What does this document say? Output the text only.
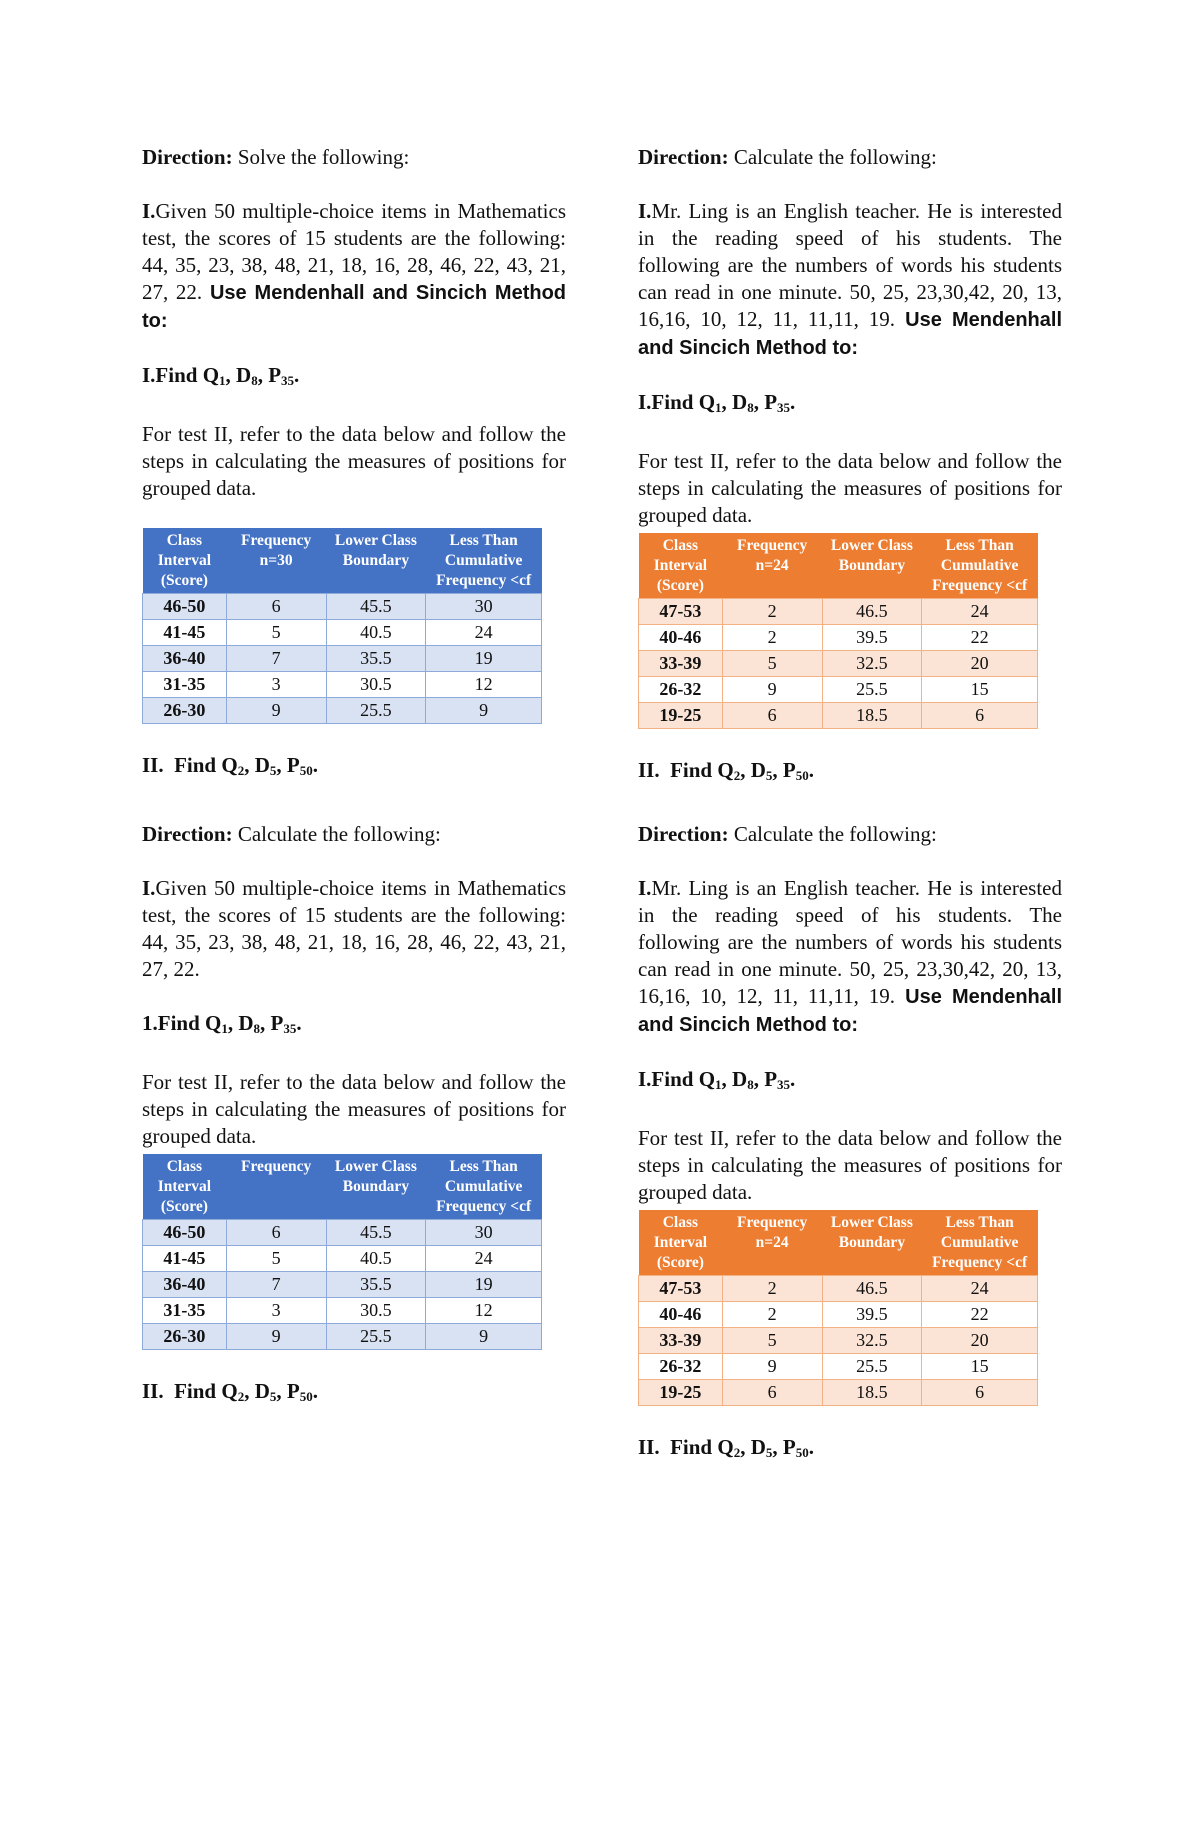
Direction: Solve the following:

I.Given 50 multiple-choice items in Mathematics test, the scores of 15 students are the following: 44, 35, 23, 38, 48, 21, 18, 16, 28, 46, 22, 43, 21, 27, 22. Use Mendenhall and Sincich Method to:

I.Find $Q_1$, $D_8$, $P_{35}$.

For test II, refer to the data below and follow the steps in calculating the measures of positions for grouped data.

Class Interval (Score)	Frequency n=30	Lower Class Boundary	Less Than Cumulative Frequency <cf
46-50	6	45.5	30
41-45	5	40.5	24
36-40	7	35.5	19
31-35	3	30.5	12
26-30	9	25.5	9

II.  Find $Q_2$, $D_5$, $P_{50}$.

Direction: Calculate the following:

I.Mr. Ling is an English teacher. He is interested in the reading speed of his students. The following are the numbers of words his students can read in one minute. 50, 25, 23,30,42, 20, 13, 16,16, 10, 12, 11, 11,11, 19. Use Mendenhall and Sincich Method to:

I.Find $Q_1$, $D_8$, $P_{35}$.

For test II, refer to the data below and follow the steps in calculating the measures of positions for grouped data.

Class Interval (Score)	Frequency n=24	Lower Class Boundary	Less Than Cumulative Frequency <cf
47-53	2	46.5	24
40-46	2	39.5	22
33-39	5	32.5	20
26-32	9	25.5	15
19-25	6	18.5	6

II.  Find $Q_2$, $D_5$, $P_{50}$.

Direction: Calculate the following:

I.Given 50 multiple-choice items in Mathematics test, the scores of 15 students are the following: 44, 35, 23, 38, 48, 21, 18, 16, 28, 46, 22, 43, 21, 27, 22.

1.Find $Q_1$, $D_8$, $P_{35}$.

For test II, refer to the data below and follow the steps in calculating the measures of positions for grouped data.

Class Interval (Score)	Frequency	Lower Class Boundary	Less Than Cumulative Frequency <cf
46-50	6	45.5	30
41-45	5	40.5	24
36-40	7	35.5	19
31-35	3	30.5	12
26-30	9	25.5	9

II.  Find $Q_2$, $D_5$, $P_{50}$.

Direction: Calculate the following:

I.Mr. Ling is an English teacher. He is interested in the reading speed of his students. The following are the numbers of words his students can read in one minute. 50, 25, 23,30,42, 20, 13, 16,16, 10, 12, 11, 11,11, 19. Use Mendenhall and Sincich Method to:

I.Find $Q_1$, $D_8$, $P_{35}$.

For test II, refer to the data below and follow the steps in calculating the measures of positions for grouped data.

Class Interval (Score)	Frequency n=24	Lower Class Boundary	Less Than Cumulative Frequency <cf
47-53	2	46.5	24
40-46	2	39.5	22
33-39	5	32.5	20
26-32	9	25.5	15
19-25	6	18.5	6

II.  Find $Q_2$, $D_5$, $P_{50}$.
